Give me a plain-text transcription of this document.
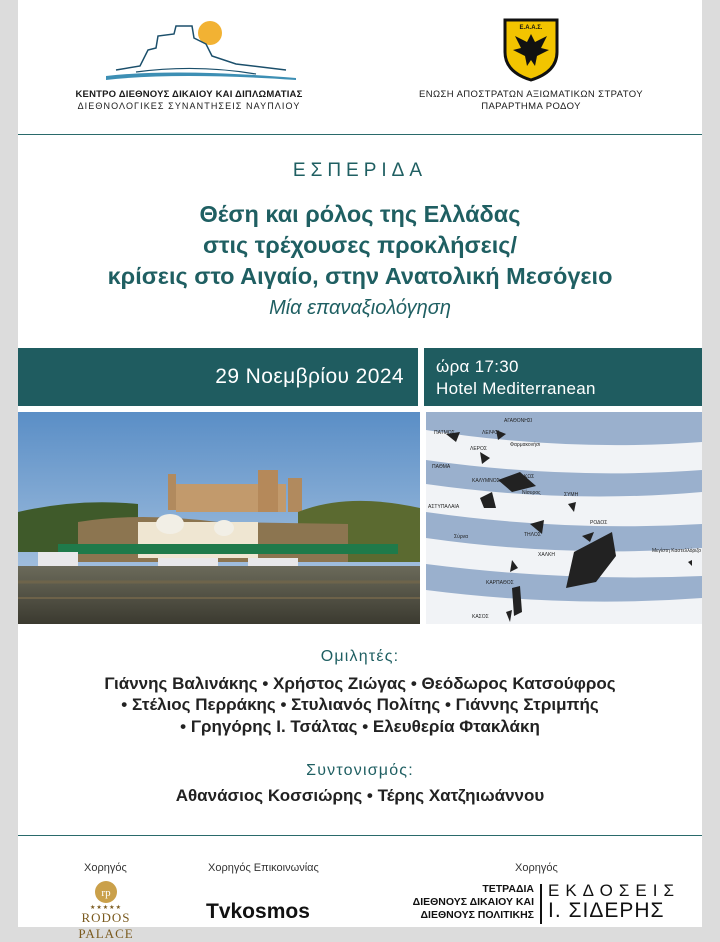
ΚΕΝΤΡΟ ΔΙΕΘΝΟΥΣ ΔΙΚΑΙΟΥ ΚΑΙ ΔΙΠΛΩΜΑΤΙΑΣ
ΔΙΕΘΝΟΛΟΓΙΚΕΣ ΣΥΝΑΝΤΗΣΕΙΣ ΝΑΥΠΛΙΟΥ
Ε.Α.Α.Σ.
ΕΝΩΣΗ ΑΠΟΣΤΡΑΤΩΝ ΑΞΙΩΜΑΤΙΚΩΝ ΣΤΡΑΤΟΥ
ΠΑΡΑΡΤΗΜΑ ΡΟΔΟΥ
ΕΣΠΕΡΙΔΑ
Θέση και ρόλος της Ελλάδας
στις τρέχουσες προκλήσεις/
κρίσεις στο Αιγαίο, στην Ανατολική Μεσόγειο
Μία επαναξιολόγηση
29 Νοεμβρίου 2024 ώρα 17:30
Hotel Mediterranean
ΑΓΑΘΟΝΗΣΙ
ΠΑΤΜΟΣ	ΛΕΙΨΟΙ
ΛΕΡΟΣ
Φαρμακονήσι
ΚΑΛΥΜΝΟΣ
ΠΑΘΜΑ
ΚΩΣ
Νίσυρος	ΣΥΜΗ
ΑΣΤΥΠΑΛΑΙΑ
ΤΗΛΟΣ
ΡΟΔΟΣ
ΧΑΛΚΗ
Σύρνα
ΚΑΡΠΑΘΟΣ
ΚΑΣΟΣ
Μεγίστη Καστελλόριζο
Ομιλητές:
Γιάννης Βαλινάκης • Χρήστος Ζιώγας • Θεόδωρος Κατσούφρος
• Στέλιος Περράκης • Στυλιανός Πολίτης • Γιάννης Στριμπής
• Γρηγόρης Ι. Τσάλτας • Ελευθερία Φτακλάκη
Συντονισμός:
Αθανάσιος Κοσσιώρης • Τέρης Χατζηιωάννου
Χορηγός	Χορηγός Επικοινωνίας	Χορηγός
rp
★★★★★
RODOS PALACE
Tvkosmos
ΤΕΤΡΑΔΙΑ
ΔΙΕΘΝΟΥΣ ΔΙΚΑΙΟΥ ΚΑΙ
ΔΙΕΘΝΟΥΣ ΠΟΛΙΤΙΚΗΣ
ΕΚΔΟΣΕΙΣ
Ι. ΣΙΔΕΡΗΣ
